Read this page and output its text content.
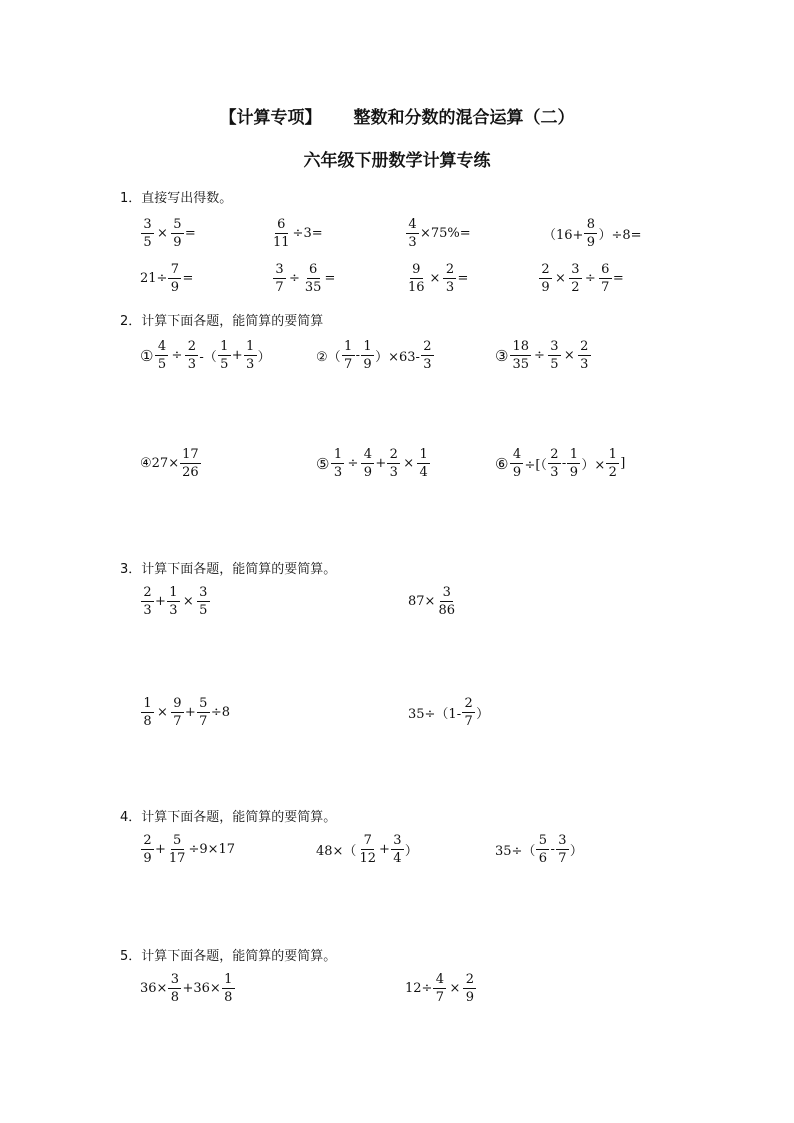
【计算专项】 整数和分数的混合运算（二）
六年级下册数学计算专练
1．直接写出得数。
$\frac{3}{5} \times \frac{5}{9}$ =	$\frac{6}{11} \div 3=$	$\frac{4}{3} \times 75\%=$	$(16+ \frac{8}{9} )\div 8=$
$21\div \frac{7}{9}$ =	$\frac{3}{7} \div \frac{6}{35}$ =	$\frac{9}{16} \times \frac{2}{3}$ =	$\frac{2}{9} \times \frac{3}{2} \div \frac{6}{7}$ =
2．计算下面各题，能简算的要简算
① $\frac{4}{5} \div \frac{2}{3}$ -（ $\frac{1}{5} + \frac{1}{3}$ ）	②（ $\frac{1}{7} - \frac{1}{9} )\times 63- \frac{2}{3}$	③ $\frac{18}{35} \div \frac{3}{5} \times \frac{2}{3}$
④27× $\frac{17}{26}$	⑤ $\frac{1}{3} \div \frac{4}{9} + \frac{2}{3} \times \frac{1}{4}$	⑥ $\frac{4}{9}$ ÷[（ $\frac{2}{3} - \frac{1}{9}$ ）× $\frac{1}{2}$ ]
3．计算下面各题，能简算的要简算。
$\frac{2}{3} + \frac{1}{3} \times \frac{3}{5}$	$87\times \frac{3}{86}$
$\frac{1}{8} \times \frac{9}{7} + \frac{5}{7} \div 8$	$35\div(1- \frac{2}{7}$ ）
4．计算下面各题，能简算的要简算。
$\frac{2}{9} + \frac{5}{17} \div 9\times 17$	$48\times( \frac{7}{12} + \frac{3}{4}$ ）	$35\div( \frac{5}{6} - \frac{3}{7}$ ）
5．计算下面各题，能简算的要简算。
$36\times \frac{3}{8} +36\times \frac{1}{8}$	$12\div \frac{4}{7} \times \frac{2}{9}$
